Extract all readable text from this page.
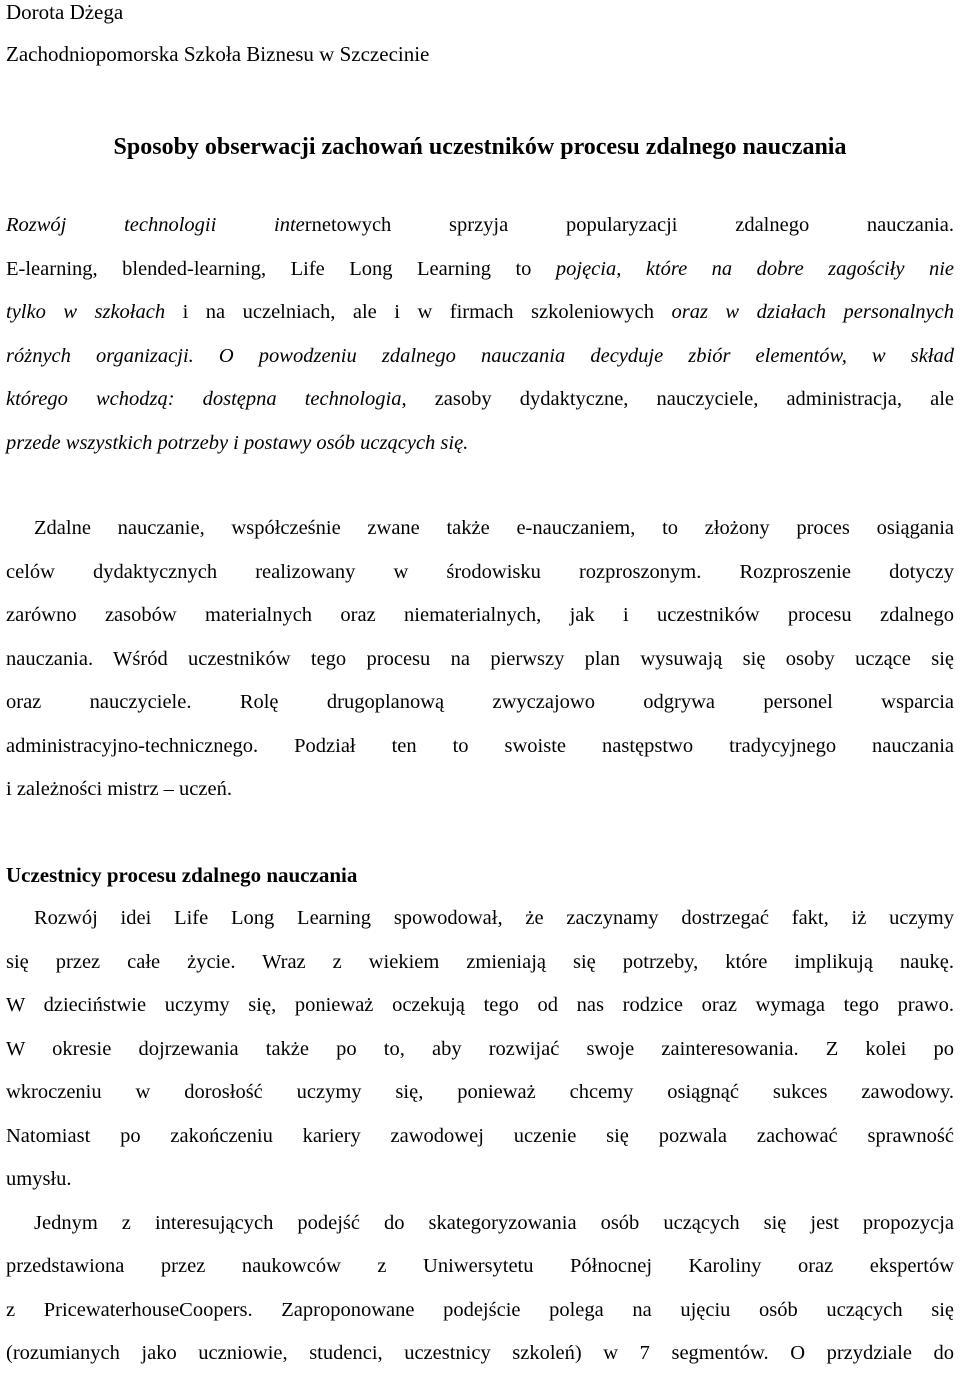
Dorota Dżega
Zachodniopomorska Szkoła Biznesu w Szczecinie
Sposoby obserwacji zachowań uczestników procesu zdalnego nauczania
Rozwój technologii internetowych sprzyja popularyzacji zdalnego nauczania.
E-learning, blended-learning, Life Long Learning to pojęcia, które na dobre zagościły nie
tylko w szkołach i na uczelniach, ale i w firmach szkoleniowych oraz w działach personalnych
różnych organizacji. O powodzeniu zdalnego nauczania decyduje zbiór elementów, w skład
którego wchodzą: dostępna technologia, zasoby dydaktyczne, nauczyciele, administracja, ale
przede wszystkich potrzeby i postawy osób uczących się.
Zdalne nauczanie, współcześnie zwane także e-nauczaniem, to złożony proces osiągania
celów dydaktycznych realizowany w środowisku rozproszonym. Rozproszenie dotyczy
zarówno zasobów materialnych oraz niematerialnych, jak i uczestników procesu zdalnego
nauczania. Wśród uczestników tego procesu na pierwszy plan wysuwają się osoby uczące się
oraz nauczyciele. Rolę drugoplanową zwyczajowo odgrywa personel wsparcia
administracyjno-technicznego. Podział ten to swoiste następstwo tradycyjnego nauczania
i zależności mistrz – uczeń.
Uczestnicy procesu zdalnego nauczania
Rozwój idei Life Long Learning spowodował, że zaczynamy dostrzegać fakt, iż uczymy
się przez całe życie. Wraz z wiekiem zmieniają się potrzeby, które implikują naukę.
W dzieciństwie uczymy się, ponieważ oczekują tego od nas rodzice oraz wymaga tego prawo.
W okresie dojrzewania także po to, aby rozwijać swoje zainteresowania. Z kolei po
wkroczeniu w dorosłość uczymy się, ponieważ chcemy osiągnąć sukces zawodowy.
Natomiast po zakończeniu kariery zawodowej uczenie się pozwala zachować sprawność
umysłu.
Jednym z interesujących podejść do skategoryzowania osób uczących się jest propozycja
przedstawiona przez naukowców z Uniwersytetu Północnej Karoliny oraz ekspertów
z PricewaterhouseCoopers. Zaproponowane podejście polega na ujęciu osób uczących się
(rozumianych jako uczniowie, studenci, uczestnicy szkoleń) w 7 segmentów. O przydziale do
